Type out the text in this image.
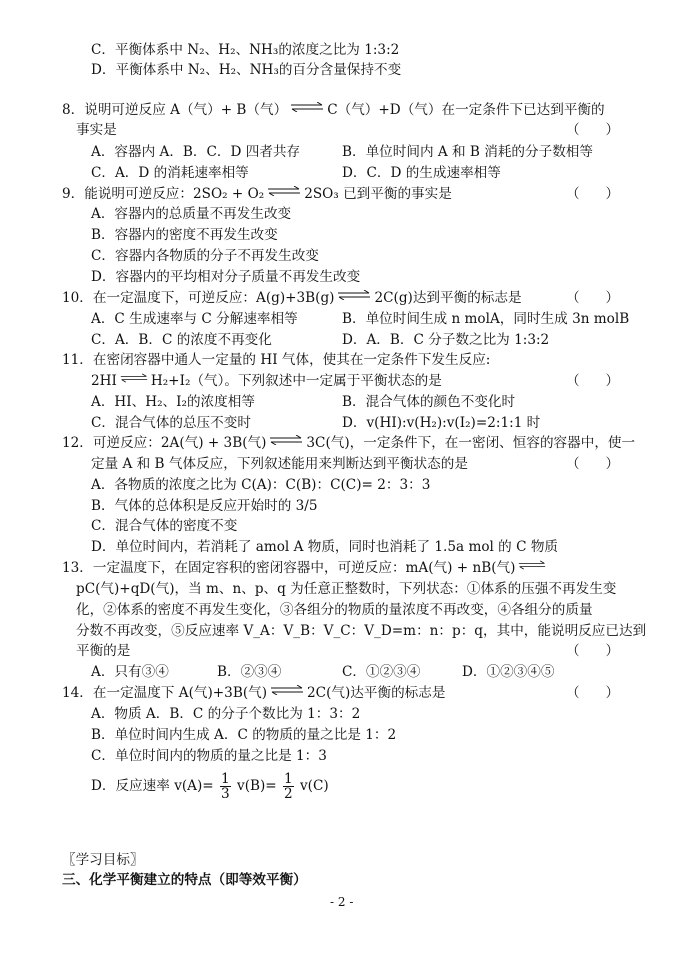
C．平衡体系中 N₂、H₂、NH₃的浓度之比为 1:3:2
D．平衡体系中 N₂、H₂、NH₃的百分含量保持不变
8．说明可逆反应 A（气）+ B（气）	C（气）+D（气）在一定条件下已达到平衡的
事实是	（      ）
A．容器内 A．B．C．D 四者共存	B．单位时间内 A 和 B 消耗的分子数相等
C．A．D 的消耗速率相等	D．C．D 的生成速率相等
9．能说明可逆反应：2SO₂ + O₂	2SO₃ 已到平衡的事实是	（      ）
A．容器内的总质量不再发生改变
B．容器内的密度不再发生改变
C．容器内各物质的分子不再发生改变
D．容器内的平均相对分子质量不再发生改变
10．在一定温度下，可逆反应：A(g)+3B(g)	2C(g)达到平衡的标志是	（      ）
A．C 生成速率与 C 分解速率相等	B．单位时间生成 n molA，同时生成 3n molB
C．A．B．C 的浓度不再变化	D．A．B．C 分子数之比为 1:3:2
11．在密闭容器中通人一定量的 HI 气体，使其在一定条件下发生反应:
2HI	H₂+I₂（气）。下列叙述中一定属于平衡状态的是	（      ）
A．HI、H₂、I₂的浓度相等	B．混合气体的颜色不变化时
C．混合气体的总压不变时	D．v(HI):v(H₂):v(I₂)=2:1:1 时
12．可逆反应：2A(气) + 3B(气)	3C(气)，一定条件下，在一密闭、恒容的容器中，使一
定量 A 和 B 气体反应，下列叙述能用来判断达到平衡状态的是	（      ）
A．各物质的浓度之比为 C(A)：C(B)：C(C)= 2：3：3
B．气体的总体积是反应开始时的 3/5
C．混合气体的密度不变
D．单位时间内，若消耗了 amol A 物质，同时也消耗了 1.5a mol 的 C 物质
13．一定温度下，在固定容积的密闭容器中，可逆反应：mA(气) + nB(气)
pC(气)+qD(气)，当 m、n、p、q 为任意正整数时，下列状态：①体系的压强不再发生变
化，②体系的密度不再发生变化，③各组分的物质的量浓度不再改变，④各组分的质量
分数不再改变，⑤反应速率 V_A：V_B：V_C：V_D=m：n：p：q，其中，能说明反应已达到
平衡的是	（      ）
A．只有③④	B．②③④	C．①②③④	D．①②③④⑤
14．在一定温度下 A(气)+3B(气)	2C(气)达平衡的标志是	（      ）
A．物质 A．B．C 的分子个数比为 1：3：2
B．单位时间内生成 A．C 的物质的量之比是 1：2
C．单位时间内的物质的量之比是 1：3
D．反应速率 $v(A)= \frac{1}{3} v(B)= \frac{1}{2} v(C)$
〖学习目标〗
三、化学平衡建立的特点（即等效平衡）
- 2 -
